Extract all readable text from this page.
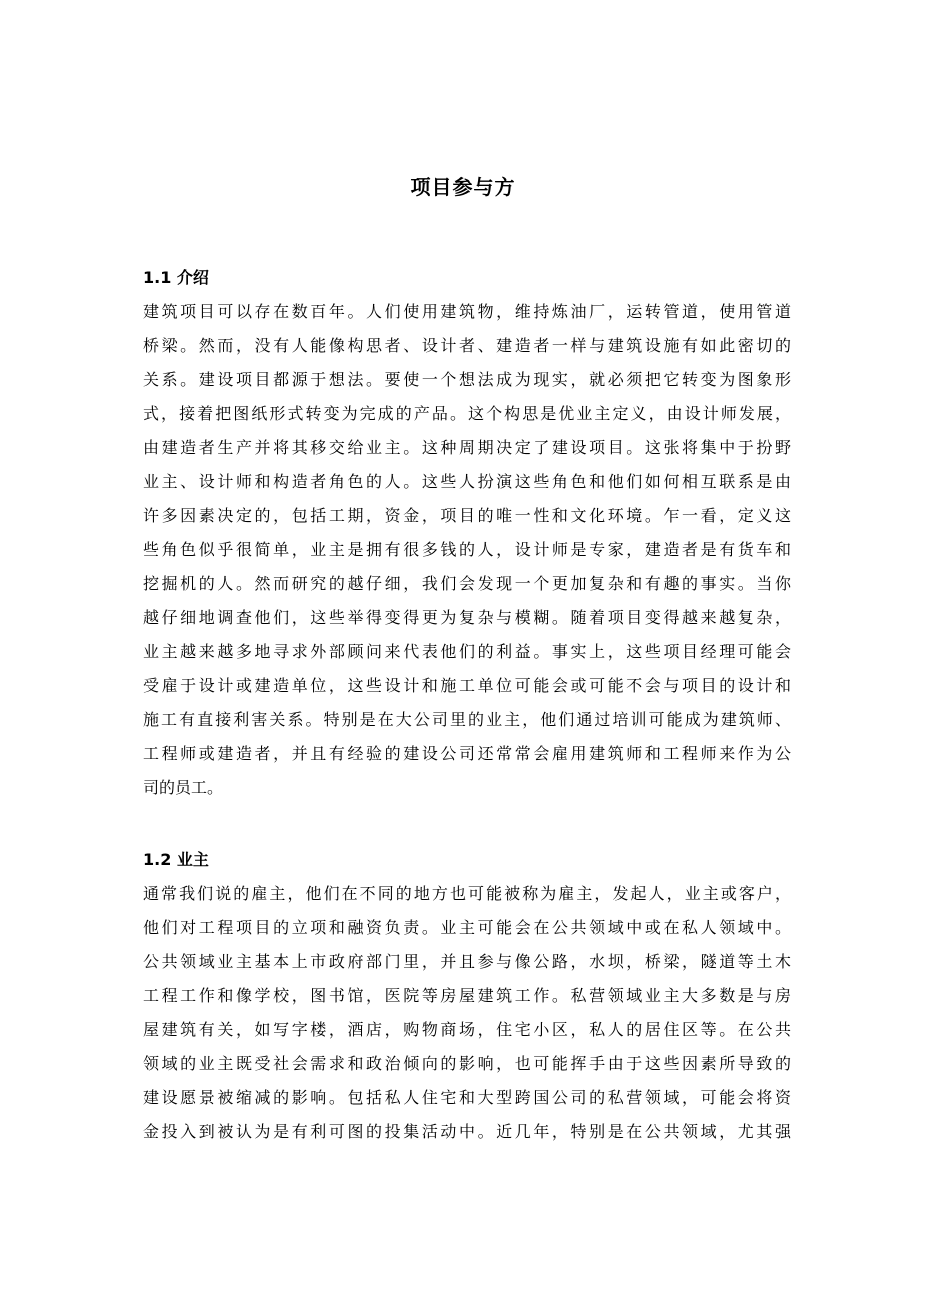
项目参与方
1.1 介绍
建筑项目可以存在数百年。人们使用建筑物，维持炼油厂，运转管道，使用管道
桥梁。然而，没有人能像构思者、设计者、建造者一样与建筑设施有如此密切的
关系。建设项目都源于想法。要使一个想法成为现实，就必须把它转变为图象形
式，接着把图纸形式转变为完成的产品。这个构思是优业主定义，由设计师发展，
由建造者生产并将其移交给业主。这种周期决定了建设项目。这张将集中于扮野
业主、设计师和构造者角色的人。这些人扮演这些角色和他们如何相互联系是由
许多因素决定的，包括工期，资金，项目的唯一性和文化环境。乍一看，定义这
些角色似乎很简单，业主是拥有很多钱的人，设计师是专家，建造者是有货车和
挖掘机的人。然而研究的越仔细，我们会发现一个更加复杂和有趣的事实。当你
越仔细地调查他们，这些举得变得更为复杂与模糊。随着项目变得越来越复杂，
业主越来越多地寻求外部顾问来代表他们的利益。事实上，这些项目经理可能会
受雇于设计或建造单位，这些设计和施工单位可能会或可能不会与项目的设计和
施工有直接利害关系。特别是在大公司里的业主，他们通过培训可能成为建筑师、
工程师或建造者，并且有经验的建设公司还常常会雇用建筑师和工程师来作为公
司的员工。
1.2 业主
通常我们说的雇主，他们在不同的地方也可能被称为雇主，发起人，业主或客户，
他们对工程项目的立项和融资负责。业主可能会在公共领域中或在私人领域中。
公共领域业主基本上市政府部门里，并且参与像公路，水坝，桥梁，隧道等土木
工程工作和像学校，图书馆，医院等房屋建筑工作。私营领域业主大多数是与房
屋建筑有关，如写字楼，酒店，购物商场，住宅小区，私人的居住区等。在公共
领域的业主既受社会需求和政治倾向的影响，也可能挥手由于这些因素所导致的
建设愿景被缩减的影响。包括私人住宅和大型跨国公司的私营领域，可能会将资
金投入到被认为是有利可图的投集活动中。近几年，特别是在公共领域，尤其强
